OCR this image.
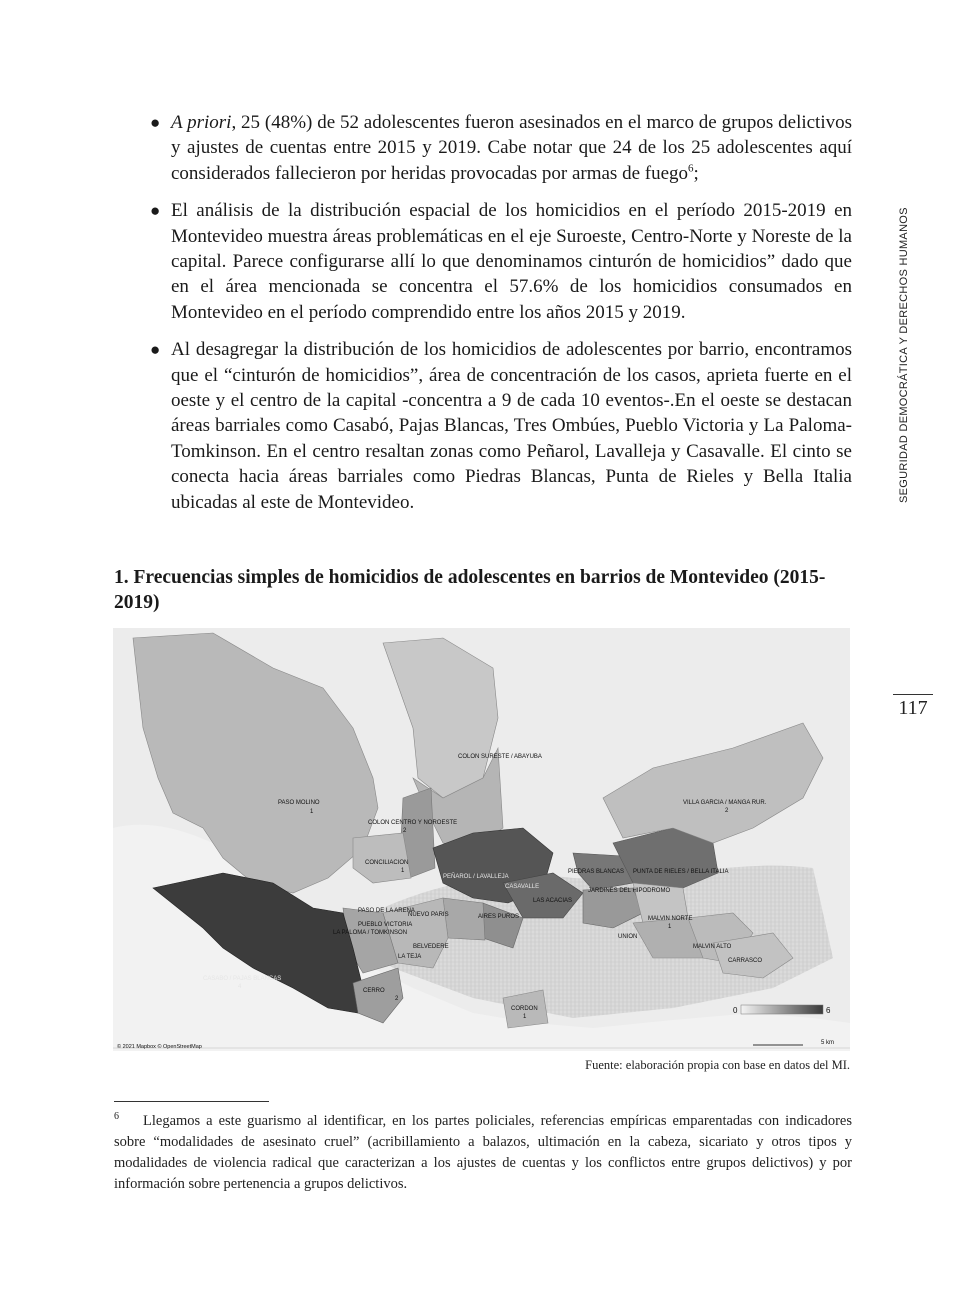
● A priori, 25 (48%) de 52 adolescentes fueron asesinados en el marco de grupos delictivos y ajustes de cuentas entre 2015 y 2019. Cabe notar que 24 de los 25 adolescentes aquí considerados fallecieron por heridas provocadas por armas de fuego$^6$;
● El análisis de la distribución espacial de los homicidios en el período 2015-2019 en Montevideo muestra áreas problemáticas en el eje Suroeste, Centro-Norte y Noreste de la capital. Parece configurarse allí lo que denominamos cinturón de homicidios” dado que en el área mencionada se concentra el 57.6% de los homicidios consumados en Montevideo en el período comprendido entre los años 2015 y 2019.
● Al desagregar la distribución de los homicidios de adolescentes por barrio, encontramos que el “cinturón de homicidios”, área de concentración de los casos, aprieta fuerte en el oeste y el centro de la capital -concentra a 9 de cada 10 eventos-.En el oeste se destacan áreas barriales como Casabó, Pajas Blancas, Tres Ombúes, Pueblo Victoria y La Paloma-Tomkinson. En el centro resaltan zonas como Peñarol, Lavalleja y Casavalle. El cinto se conecta hacia áreas barriales como Piedras Blancas, Punta de Rieles y Bella Italia ubicadas al este de Montevideo.	SEGURIDAD DEMOCRÁTICA Y DERECHOS HUMANOS
117
1. Frecuencias simples de homicidios de adolescentes en barrios de Montevideo (2015-2019)
COLON SURESTE / ABAYUBA
PASO MOLINO
1
COLON CENTRO Y NOROESTE
2
VILLA GARCIA / MANGA RUR.
2
CONCILIACION
1
PEÑAROL / LAVALLEJA
CASAVALLE
PIEDRAS BLANCAS PUNTA DE RIELES / BELLA ITALIA
LAS ACACIAS
JARDINES DEL HIPODROMO
PASO DE LA ARENA
NUEVO PARIS	AIRES PUROS
PUEBLO VICTORIA
LA PALOMA / TOMKINSON
MALVIN NORTE
1
UNION
LA TEJA
BELVEDERE
CASABO / PAJAS BLANCAS
4
CERRO
2
MALVIN ALTO
CARRASCO
CORDON
1
0	6
5 km
© 2021 Mapbox © OpenStreetMap
Fuente: elaboración propia con base en datos del MI.
6 Llegamos a este guarismo al identificar, en los partes policiales, referencias empíricas emparentadas con indicadores sobre “modalidades de asesinato cruel” (acribillamiento a balazos, ultimación en la cabeza, sicariato y otros tipos y modalidades de violencia radical que caracterizan a los ajustes de cuentas y los conflictos entre grupos delictivos) y por información sobre pertenencia a grupos delictivos.
